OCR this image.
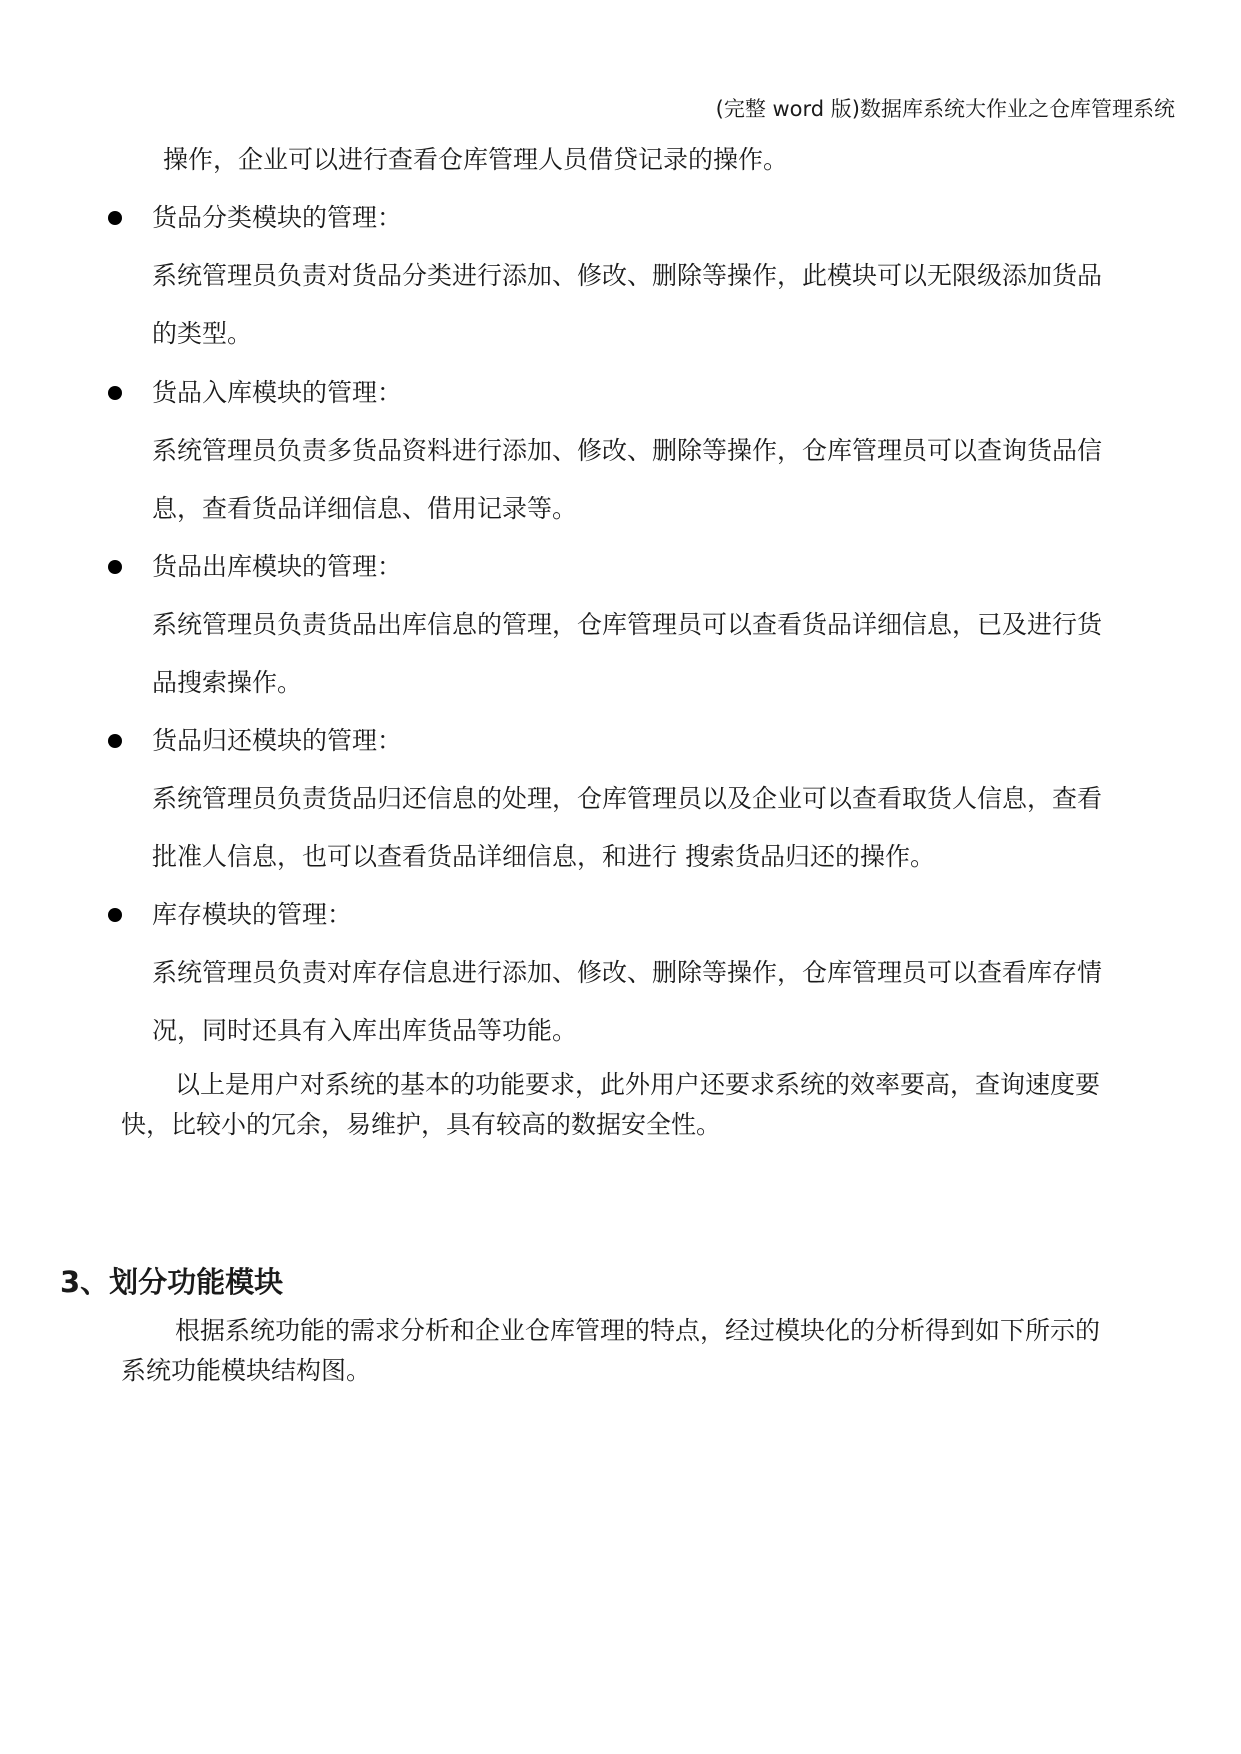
(完整 word 版)数据库系统大作业之仓库管理系统
操作，企业可以进行查看仓库管理人员借贷记录的操作。
货品分类模块的管理：
系统管理员负责对货品分类进行添加、修改、删除等操作，此模块可以无限级添加货品
的类型。
货品入库模块的管理：
系统管理员负责多货品资料进行添加、修改、删除等操作，仓库管理员可以查询货品信
息，查看货品详细信息、借用记录等。
货品出库模块的管理：
系统管理员负责货品出库信息的管理，仓库管理员可以查看货品详细信息，已及进行货
品搜索操作。
货品归还模块的管理：
系统管理员负责货品归还信息的处理，仓库管理员以及企业可以查看取货人信息，查看
批准人信息，也可以查看货品详细信息，和进行 搜索货品归还的操作。
库存模块的管理：
系统管理员负责对库存信息进行添加、修改、删除等操作，仓库管理员可以查看库存情
况，同时还具有入库出库货品等功能。
以上是用户对系统的基本的功能要求，此外用户还要求系统的效率要高，查询速度要
快，比较小的冗余，易维护，具有较高的数据安全性。
3、划分功能模块
根据系统功能的需求分析和企业仓库管理的特点，经过模块化的分析得到如下所示的
系统功能模块结构图。
